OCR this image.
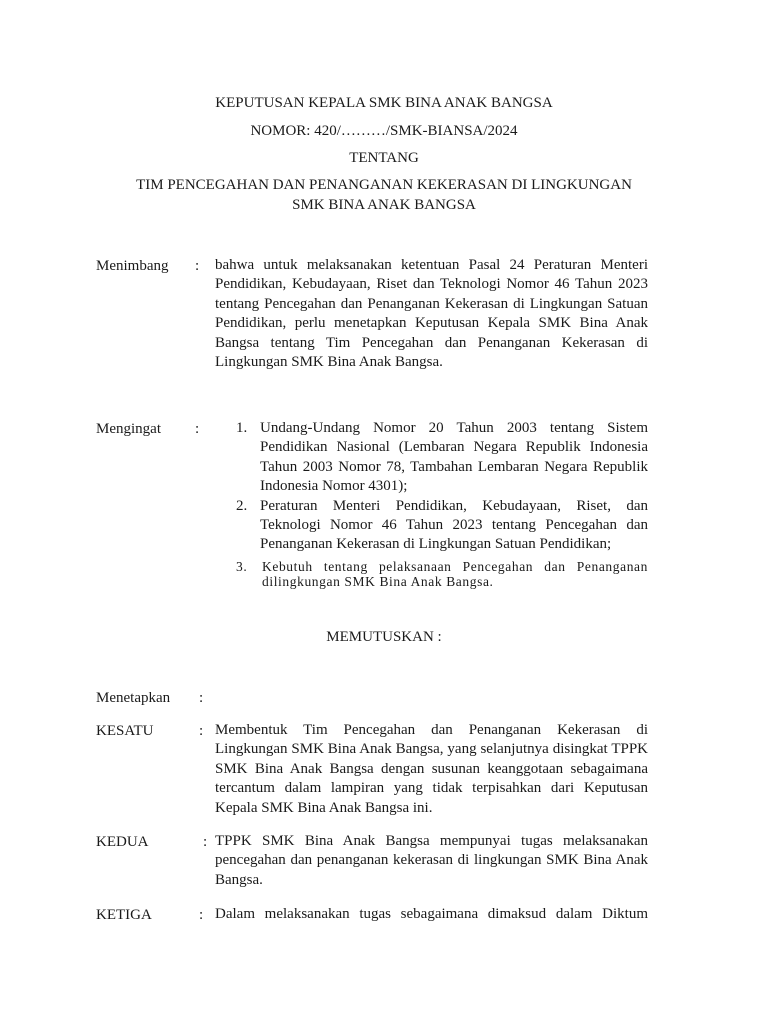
KEPUTUSAN KEPALA SMK BINA ANAK BANGSA
NOMOR: 420/………/SMK-BIANSA/2024
TENTANG
TIM PENCEGAHAN DAN PENANGANAN KEKERASAN DI LINGKUNGAN
SMK BINA ANAK BANGSA
Menimbang : bahwa untuk melaksanakan ketentuan Pasal 24 Peraturan Menteri Pendidikan, Kebudayaan, Riset dan Teknologi Nomor 46 Tahun 2023 tentang Pencegahan dan Penanganan Kekerasan di Lingkungan Satuan Pendidikan, perlu menetapkan Keputusan Kepala SMK Bina Anak Bangsa tentang Tim Pencegahan dan Penanganan Kekerasan di Lingkungan SMK Bina Anak Bangsa.

Mengingat : 1. Undang-Undang Nomor 20 Tahun 2003 tentang Sistem Pendidikan Nasional (Lembaran Negara Republik Indonesia Tahun 2003 Nomor 78, Tambahan Lembaran Negara Republik Indonesia Nomor 4301);
2. Peraturan Menteri Pendidikan, Kebudayaan, Riset, dan Teknologi Nomor 46 Tahun 2023 tentang Pencegahan dan Penanganan Kekerasan di Lingkungan Satuan Pendidikan;
3. Kebutuh tentang pelaksanaan Pencegahan dan Penanganan dilingkungan SMK Bina Anak Bangsa.
MEMUTUSKAN :
Menetapkan :
KESATU	: Membentuk Tim Pencegahan dan Penanganan Kekerasan di Lingkungan SMK Bina Anak Bangsa, yang selanjutnya disingkat TPPK SMK Bina Anak Bangsa dengan susunan keanggotaan sebagaimana tercantum dalam lampiran yang tidak terpisahkan dari Keputusan Kepala SMK Bina Anak Bangsa ini.

KEDUA	: TPPK SMK Bina Anak Bangsa mempunyai tugas melaksanakan pencegahan dan penanganan kekerasan di lingkungan SMK Bina Anak Bangsa.

KETIGA	: Dalam melaksanakan tugas sebagaimana dimaksud dalam Diktum
